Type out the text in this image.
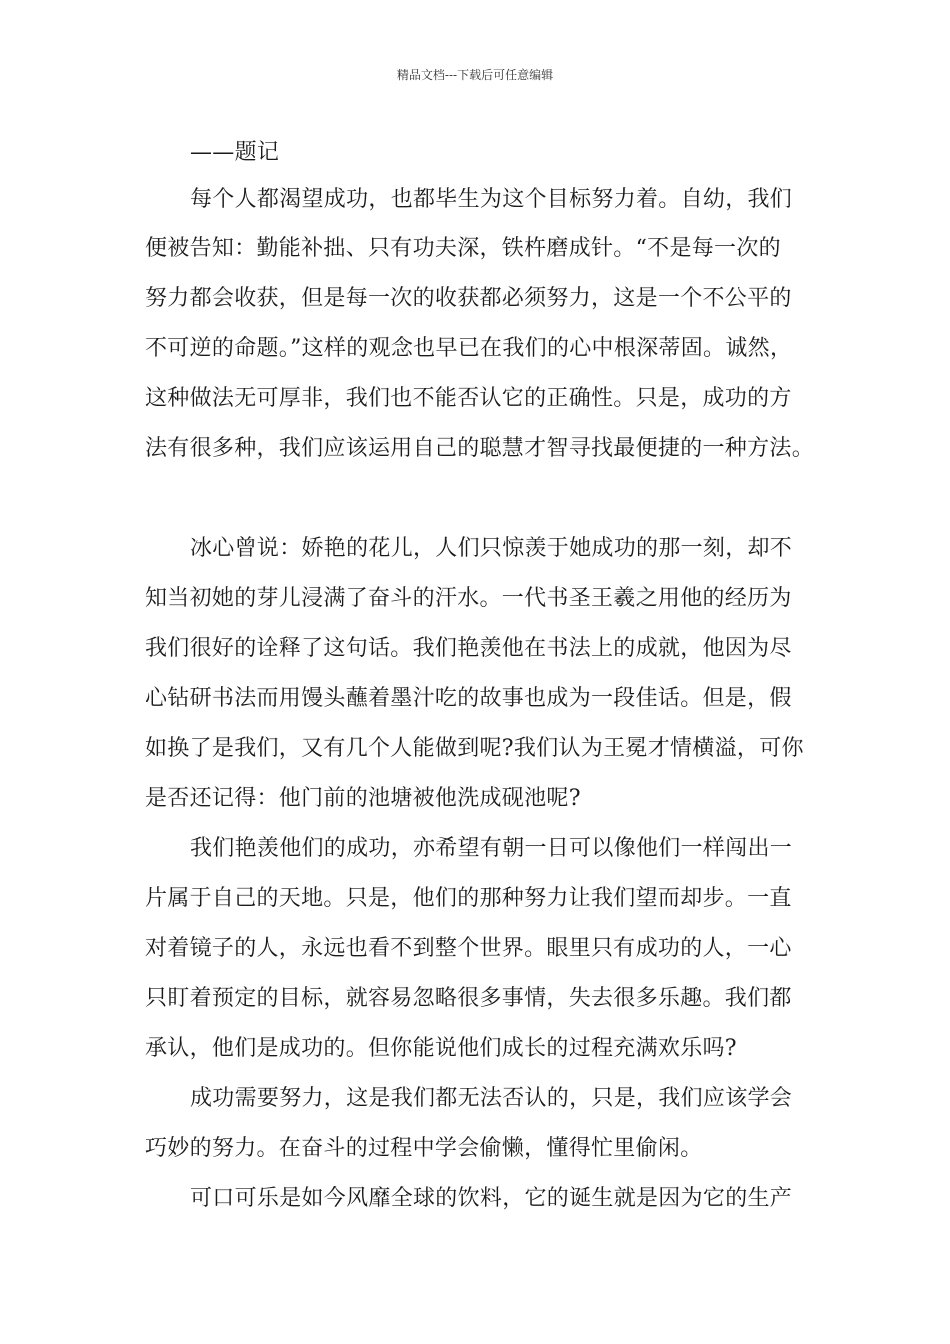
精品文档---下载后可任意编辑
——题记
每个人都渴望成功，也都毕生为这个目标努力着。自幼，我们
便被告知：勤能补拙、只有功夫深，铁杵磨成针。“不是每一次的
努力都会收获，但是每一次的收获都必须努力，这是一个不公平的
不可逆的命题。”这样的观念也早已在我们的心中根深蒂固。诚然，
这种做法无可厚非，我们也不能否认它的正确性。只是，成功的方
法有很多种，我们应该运用自己的聪慧才智寻找最便捷的一种方法。
冰心曾说：娇艳的花儿，人们只惊羡于她成功的那一刻，却不
知当初她的芽儿浸满了奋斗的汗水。一代书圣王羲之用他的经历为
我们很好的诠释了这句话。我们艳羡他在书法上的成就，他因为尽
心钻研书法而用馒头蘸着墨汁吃的故事也成为一段佳话。但是，假
如换了是我们，又有几个人能做到呢?我们认为王冕才情横溢，可你
是否还记得：他门前的池塘被他洗成砚池呢?
我们艳羡他们的成功，亦希望有朝一日可以像他们一样闯出一
片属于自己的天地。只是，他们的那种努力让我们望而却步。一直
对着镜子的人，永远也看不到整个世界。眼里只有成功的人，一心
只盯着预定的目标，就容易忽略很多事情，失去很多乐趣。我们都
承认，他们是成功的。但你能说他们成长的过程充满欢乐吗?
成功需要努力，这是我们都无法否认的，只是，我们应该学会
巧妙的努力。在奋斗的过程中学会偷懒，懂得忙里偷闲。
可口可乐是如今风靡全球的饮料，它的诞生就是因为它的生产
